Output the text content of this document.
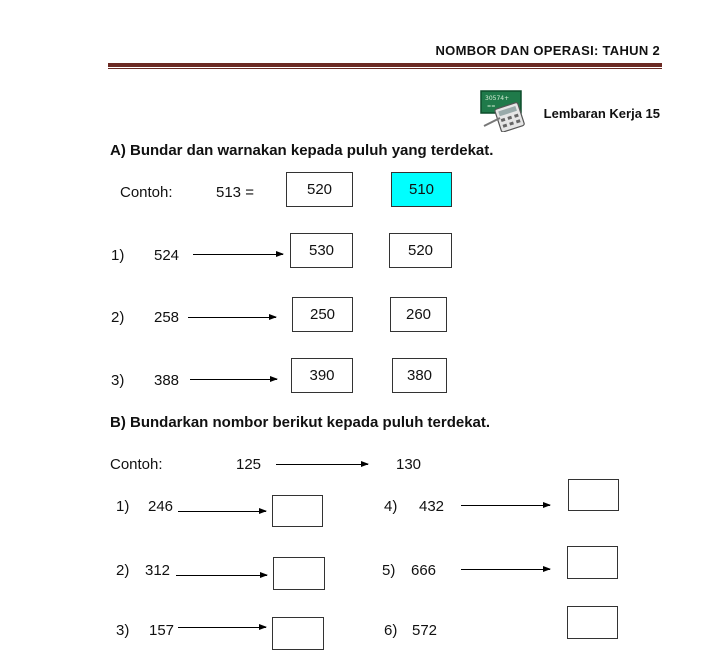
NOMBOR DAN OPERASI: TAHUN 2
30574+
==	Lembaran Kerja 15
A) Bundar dan warnakan kepada puluh yang terdekat.
Contoh:	513 =	520	510
1) 524	530	520
2) 258	250	260
3) 388	390	380
B) Bundarkan nombor berikut kepada puluh terdekat.
Contoh:	125	130
1) 246	4) 432
2) 312	5) 666
3) 157	6) 572
